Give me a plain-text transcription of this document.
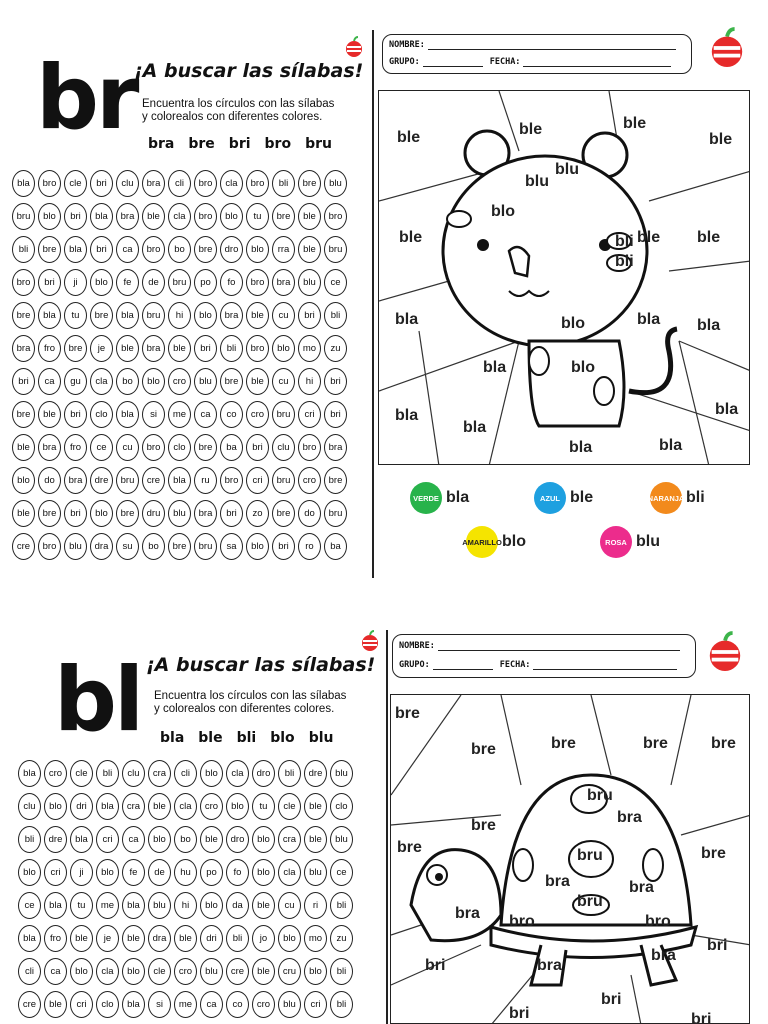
br
¡A buscar las sílabas!
Encuentra los círculos con las sílabas
y colorealos con diferentes colores.
bra bre bri bro bru
bla	bro	cle	bri	clu	bra	cli	bro	cla	bro	bli	bre	blu
bru	blo	bri	bla	bra	ble	cla	bro	blo	tu	bre	ble	bro
bli	bre	bla	bri	ca	bro	bo	bre	dro	blo	rra	ble	bru
bro	bri	ji	blo	fe	de	bru	po	fo	bro	bra	blu	ce
bre	bla	tu	bre	bla	bru	hi	blo	bra	ble	cu	bri	bli
bra	fro	bre	je	ble	bra	ble	bri	bli	bro	blo	mo	zu
bri	ca	gu	cla	bo	blo	cro	blu	bre	ble	cu	hi	bri
bre	ble	bri	clo	bla	si	me	ca	co	cro	bru	cri	bri
ble	bra	fro	ce	cu	bro	clo	bre	ba	bri	clu	bro	bra
blo	do	bra	dre	bru	cre	bla	ru	bro	cri	bru	cro	bre
ble	bre	bri	blo	bre	dru	blu	bra	bri	zo	bre	do	bru
cre	bro	blu	dra	su	bo	bre	bru	sa	blo	bri	ro	ba
NOMBRE:
GRUPO:	FECHA:
ble	ble	ble
ble
blu
blu
blo
ble	ble ble
bli
bli
bla	blo	bla bla
bla	blo
bla
bla
bla
bla	bla
VERDE bla	AZUL ble	NARANJA bli
AMARILLO blo	ROSA blu
bl ¡A buscar las sílabas!
Encuentra los círculos con las sílabas
y colorealos con diferentes colores.
bla ble bli blo blu
bla	cro	cle	bli	clu	cra	cli	blo	cla	dro	bli	dre	blu
clu	blo	dri	bla	cra	ble	cla	cro	blo	tu	cle	ble	clo
bli	dre	bla	cri	ca	blo	bo	ble	dro	blo	cra	ble	blu
blo	cri	ji	blo	fe	de	hu	po	fo	blo	cla	blu	ce
ce	bla	tu	me	bla	blu	hi	blo	da	ble	cu	ri	bli
bla	fro	ble	je	ble	dra	ble	dri	bli	jo	blo	mo	zu
cli	ca	blo	cla	blo	cle	cro	blu	cre	ble	cru	blo	bli
cre	ble	cri	clo	bla	si	me	ca	co	cro	blu	cri	bli
NOMBRE:
GRUPO:	FECHA:
bre
bre	bre	bre	bre
bru
bra
bre
bre	bre
bru
bra	bra
bru
bra bro	bro
bri
bri	bra
bra
bri
bri	bri
